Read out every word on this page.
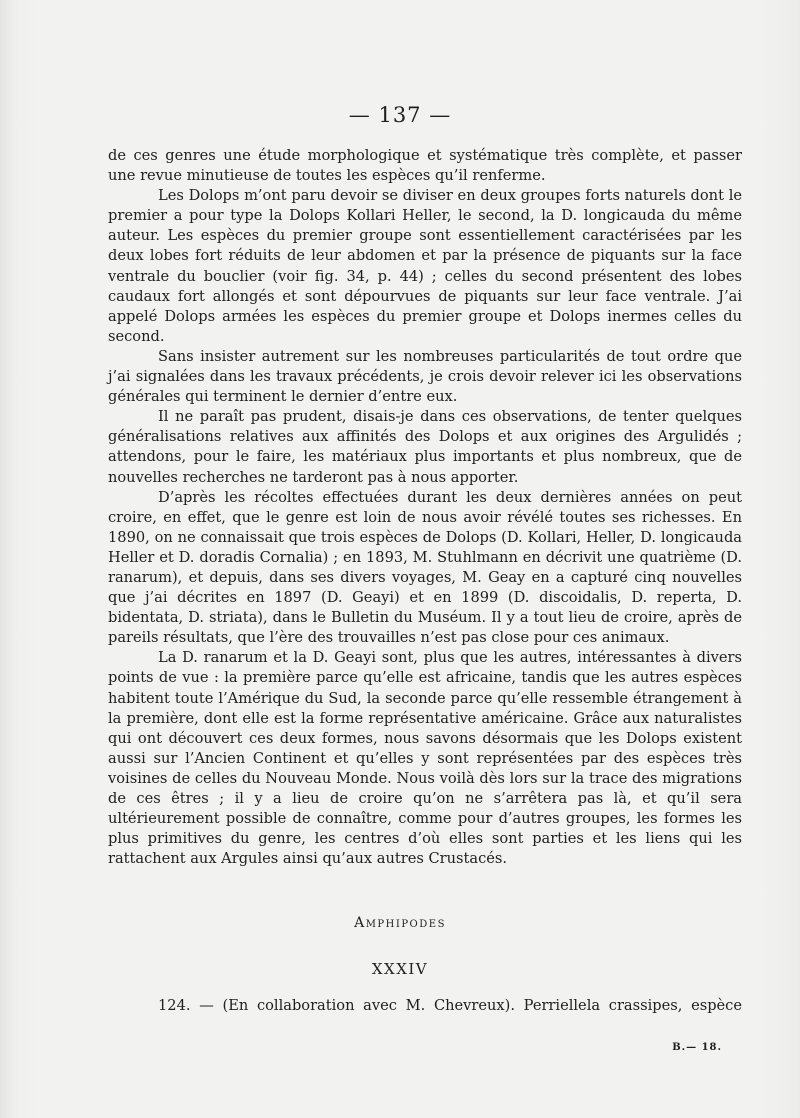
— 137 —

de ces genres une étude morphologique et systématique très complète, et passer une revue minutieuse de toutes les espèces qu’il renferme.

Les Dolops m’ont paru devoir se diviser en deux groupes forts naturels dont le premier a pour type la Dolops Kollari Heller, le second, la D. longicauda du même auteur. Les espèces du premier groupe sont essentiellement caractérisées par les deux lobes fort réduits de leur abdomen et par la présence de piquants sur la face ventrale du bouclier (voir fig. 34, p. 44) ; celles du second présentent des lobes caudaux fort allongés et sont dépourvues de piquants sur leur face ventrale. J’ai appelé Dolops armées les espèces du premier groupe et Dolops inermes celles du second.

Sans insister autrement sur les nombreuses particularités de tout ordre que j’ai signalées dans les travaux précédents, je crois devoir relever ici les observations générales qui terminent le dernier d’entre eux.

Il ne paraît pas prudent, disais-je dans ces observations, de tenter quelques généralisations relatives aux affinités des Dolops et aux origines des Argulidés ; attendons, pour le faire, les matériaux plus importants et plus nombreux, que de nouvelles recherches ne tarderont pas à nous apporter.

D’après les récoltes effectuées durant les deux dernières années on peut croire, en effet, que le genre est loin de nous avoir révélé toutes ses richesses. En 1890, on ne connaissait que trois espèces de Dolops (D. Kollari, Heller, D. longicauda Heller et D. doradis Cornalia) ; en 1893, M. Stuhlmann en décrivit une quatrième (D. ranarum), et depuis, dans ses divers voyages, M. Geay en a capturé cinq nouvelles que j’ai décrites en 1897 (D. Geayi) et en 1899 (D. discoidalis, D. reperta, D. bidentata, D. striata), dans le Bulletin du Muséum. Il y a tout lieu de croire, après de pareils résultats, que l’ère des trouvailles n’est pas close pour ces animaux.

La D. ranarum et la D. Geayi sont, plus que les autres, intéressantes à divers points de vue : la première parce qu’elle est africaine, tandis que les autres espèces habitent toute l’Amérique du Sud, la seconde parce qu’elle ressemble étrangement à la première, dont elle est la forme représentative américaine. Grâce aux naturalistes qui ont découvert ces deux formes, nous savons désormais que les Dolops existent aussi sur l’Ancien Continent et qu’elles y sont représentées par des espèces très voisines de celles du Nouveau Monde. Nous voilà dès lors sur la trace des migrations de ces êtres ; il y a lieu de croire qu’on ne s’arrêtera pas là, et qu’il sera ultérieurement possible de connaître, comme pour d’autres groupes, les formes les plus primitives du genre, les centres d’où elles sont parties et les liens qui les rattachent aux Argules ainsi qu’aux autres Crustacés.

Amphipodes
XXXIV
124. — (En collaboration avec M. Chevreux). Perriellela crassipes, espèce
B.— 18.
